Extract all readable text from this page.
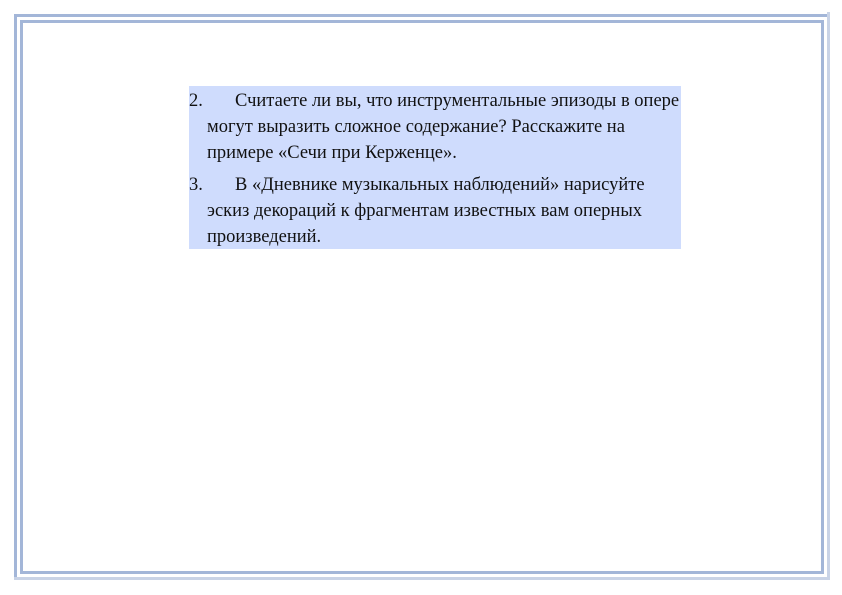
2.	Считаете ли вы, что инструментальные эпизоды в опере могут выразить сложное содержание? Расскажите на примере «Сечи при Керженце».
3.	В «Дневнике музыкальных наблюдений» нарисуйте эскиз декораций к фрагментам известных вам оперных произведений.
